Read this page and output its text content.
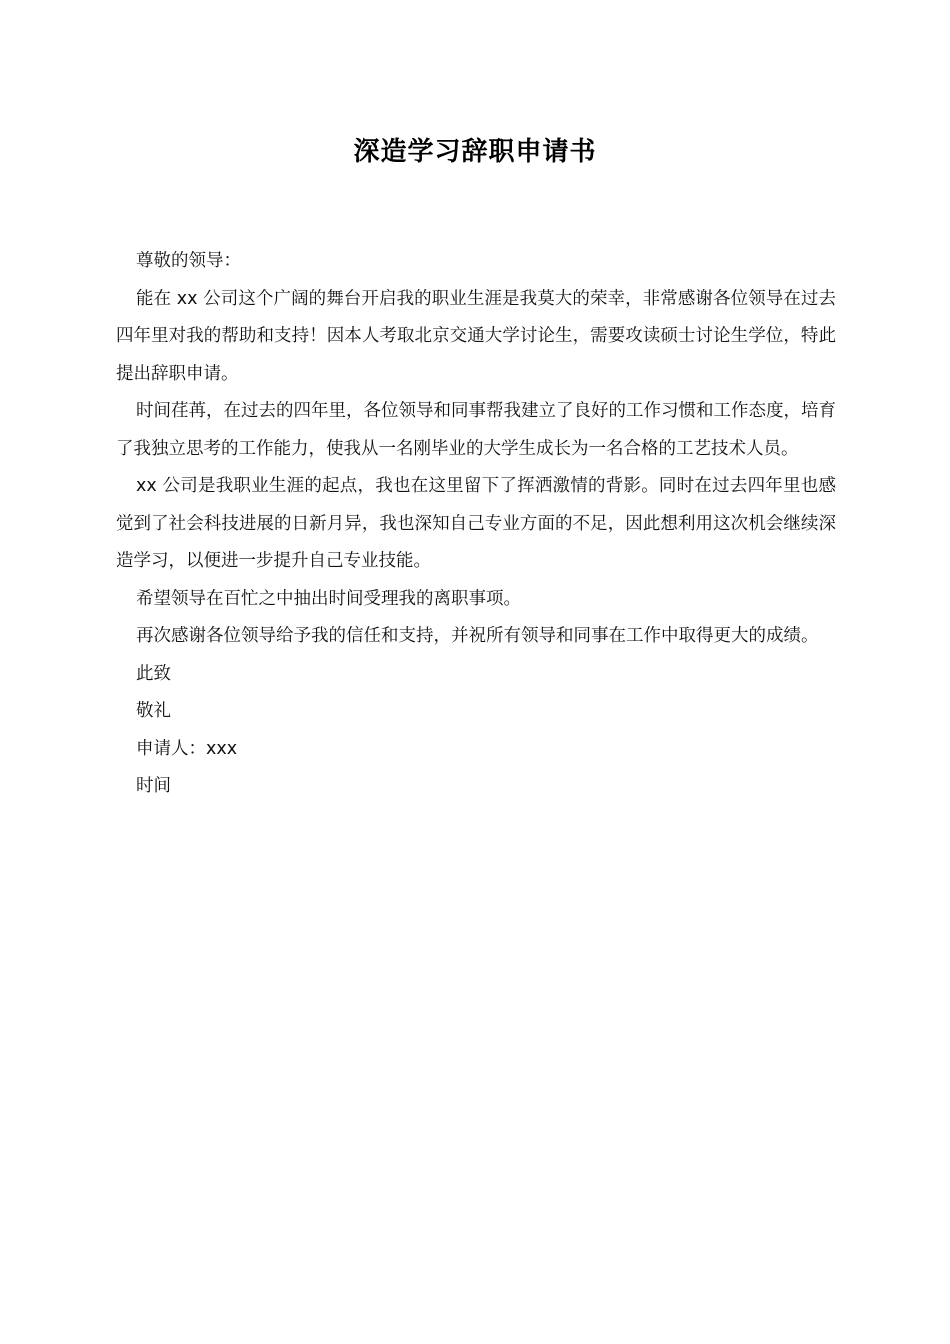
深造学习辞职申请书

尊敬的领导：

能在 xx 公司这个广阔的舞台开启我的职业生涯是我莫大的荣幸，非常感谢各位领导在过去四年里对我的帮助和支持！因本人考取北京交通大学讨论生，需要攻读硕士讨论生学位，特此提出辞职申请。

时间荏苒，在过去的四年里，各位领导和同事帮我建立了良好的工作习惯和工作态度，培育了我独立思考的工作能力，使我从一名刚毕业的大学生成长为一名合格的工艺技术人员。

xx 公司是我职业生涯的起点，我也在这里留下了挥洒激情的背影。同时在过去四年里也感觉到了社会科技进展的日新月异，我也深知自己专业方面的不足，因此想利用这次机会继续深造学习，以便进一步提升自己专业技能。

希望领导在百忙之中抽出时间受理我的离职事项。

再次感谢各位领导给予我的信任和支持，并祝所有领导和同事在工作中取得更大的成绩。

此致

敬礼

申请人：xxx

时间
